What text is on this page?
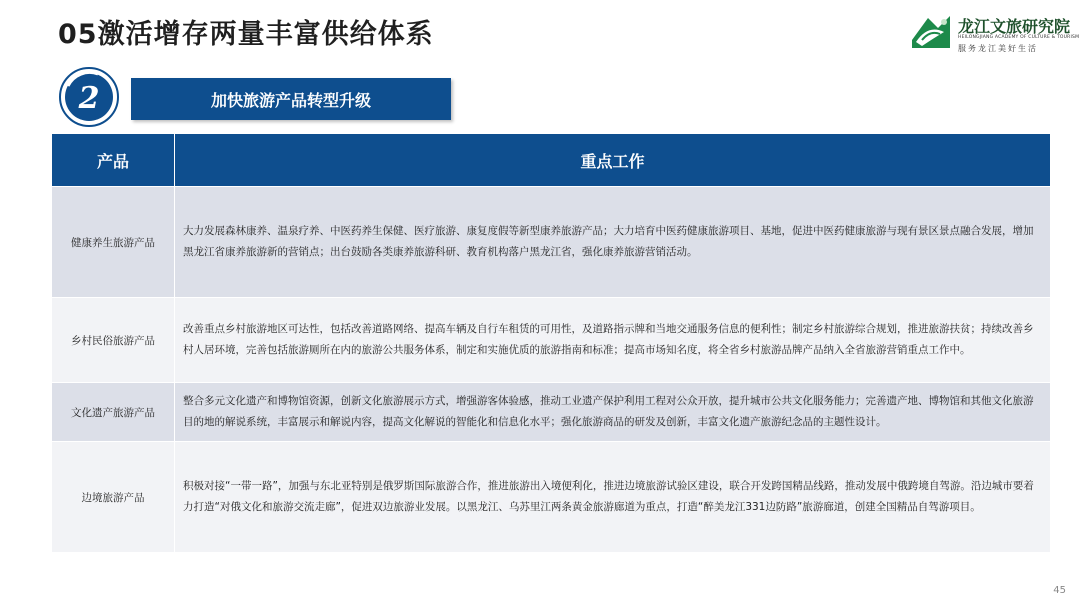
05激活增存两量丰富供给体系	龙江文旅研究院
HEILONGJIANG ACADEMY OF CULTURE & TOURISM
服务龙江美好生活
2	加快旅游产品转型升级
产品	重点工作
健康养生旅游产品
大力发展森林康养、温泉疗养、中医药养生保健、医疗旅游、康复度假等新型康养旅游产品；大力培育中医药健康旅游项目、基地，促进中医药健康旅游与现有景区景点融合发展，增加黑龙江省康养旅游新的营销点；出台鼓励各类康养旅游科研、教育机构落户黑龙江省，强化康养旅游营销活动。
乡村民俗旅游产品
改善重点乡村旅游地区可达性，包括改善道路网络、提高车辆及自行车租赁的可用性，及道路指示牌和当地交通服务信息的便利性；制定乡村旅游综合规划，推进旅游扶贫；持续改善乡村人居环境，完善包括旅游厕所在内的旅游公共服务体系，制定和实施优质的旅游指南和标准；提高市场知名度，将全省乡村旅游品牌产品纳入全省旅游营销重点工作中。
文化遗产旅游产品
整合多元文化遗产和博物馆资源，创新文化旅游展示方式，增强游客体验感，推动工业遗产保护利用工程对公众开放，提升城市公共文化服务能力；完善遗产地、博物馆和其他文化旅游目的地的解说系统，丰富展示和解说内容，提高文化解说的智能化和信息化水平；强化旅游商品的研发及创新，丰富文化遗产旅游纪念品的主题性设计。
边境旅游产品
积极对接“一带一路”，加强与东北亚特别是俄罗斯国际旅游合作，推进旅游出入境便利化，推进边境旅游试验区建设，联合开发跨国精品线路，推动发展中俄跨境自驾游。沿边城市要着力打造“对俄文化和旅游交流走廊”，促进双边旅游业发展。以黑龙江、乌苏里江两条黄金旅游廊道为重点，打造“醉美龙江331边防路”旅游廊道，创建全国精品自驾游项目。
45
